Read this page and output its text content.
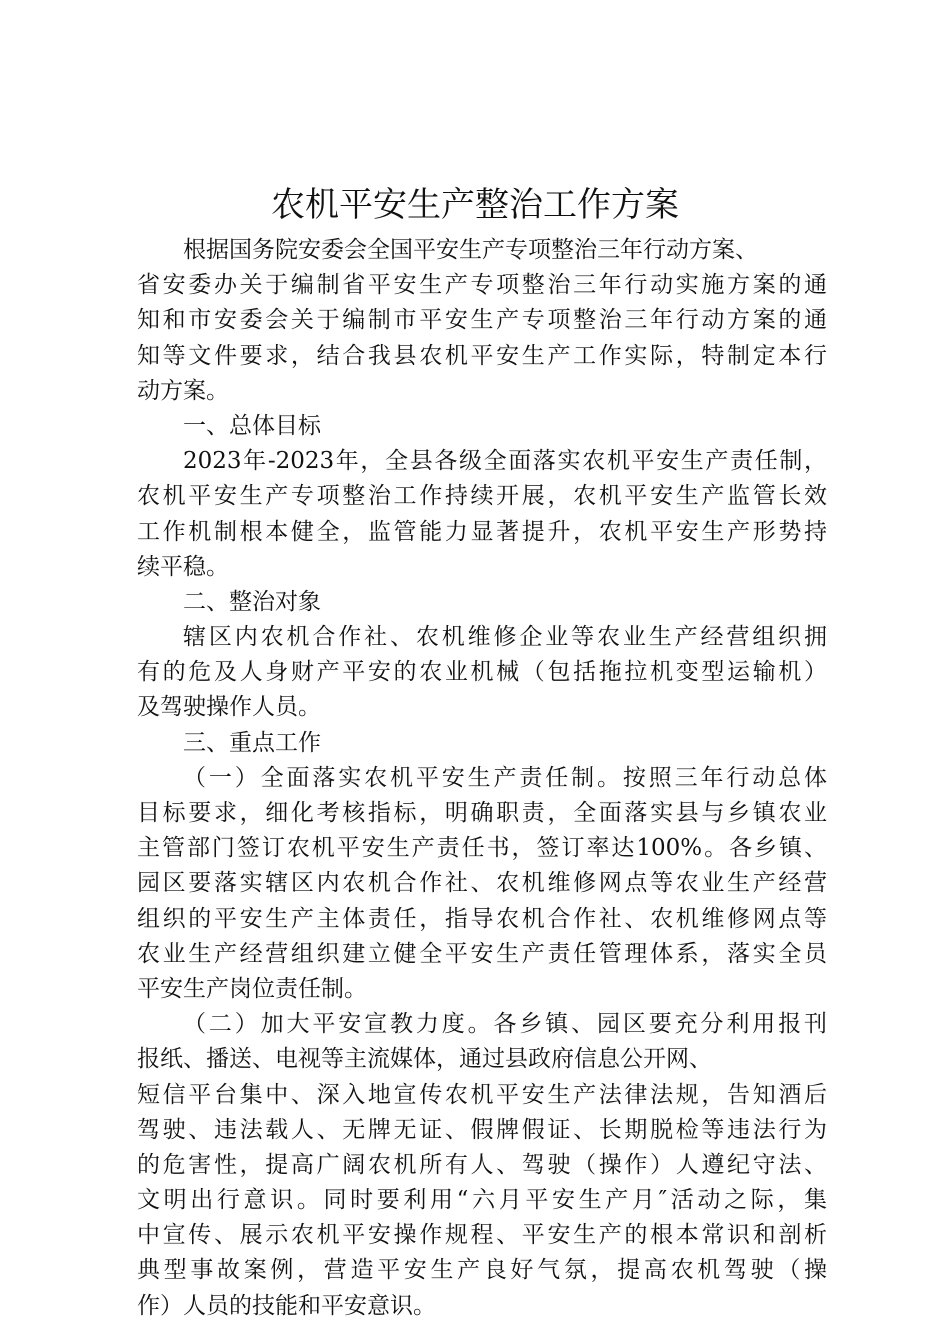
农机平安生产整治工作方案
根据国务院安委会全国平安生产专项整治三年行动方案、
省安委办关于编制省平安生产专项整治三年行动实施方案的通
知和市安委会关于编制市平安生产专项整治三年行动方案的通
知等文件要求，结合我县农机平安生产工作实际，特制定本行
动方案。
一、总体目标
2023年-2023年，全县各级全面落实农机平安生产责任制，
农机平安生产专项整治工作持续开展，农机平安生产监管长效
工作机制根本健全，监管能力显著提升，农机平安生产形势持
续平稳。
二、整治对象
辖区内农机合作社、农机维修企业等农业生产经营组织拥
有的危及人身财产平安的农业机械（包括拖拉机变型运输机）
及驾驶操作人员。
三、重点工作
（一）全面落实农机平安生产责任制。按照三年行动总体
目标要求，细化考核指标，明确职责，全面落实县与乡镇农业
主管部门签订农机平安生产责任书，签订率达100%。各乡镇、
园区要落实辖区内农机合作社、农机维修网点等农业生产经营
组织的平安生产主体责任，指导农机合作社、农机维修网点等
农业生产经营组织建立健全平安生产责任管理体系，落实全员
平安生产岗位责任制。
（二）加大平安宣教力度。各乡镇、园区要充分利用报刊
报纸、播送、电视等主流媒体，通过县政府信息公开网、
短信平台集中、深入地宣传农机平安生产法律法规，告知酒后
驾驶、违法载人、无牌无证、假牌假证、长期脱检等违法行为
的危害性，提高广阔农机所有人、驾驶（操作）人遵纪守法、
文明出行意识。同时要利用“六月平安生产月″活动之际，集
中宣传、展示农机平安操作规程、平安生产的根本常识和剖析
典型事故案例，营造平安生产良好气氛，提高农机驾驶（操
作）人员的技能和平安意识。
